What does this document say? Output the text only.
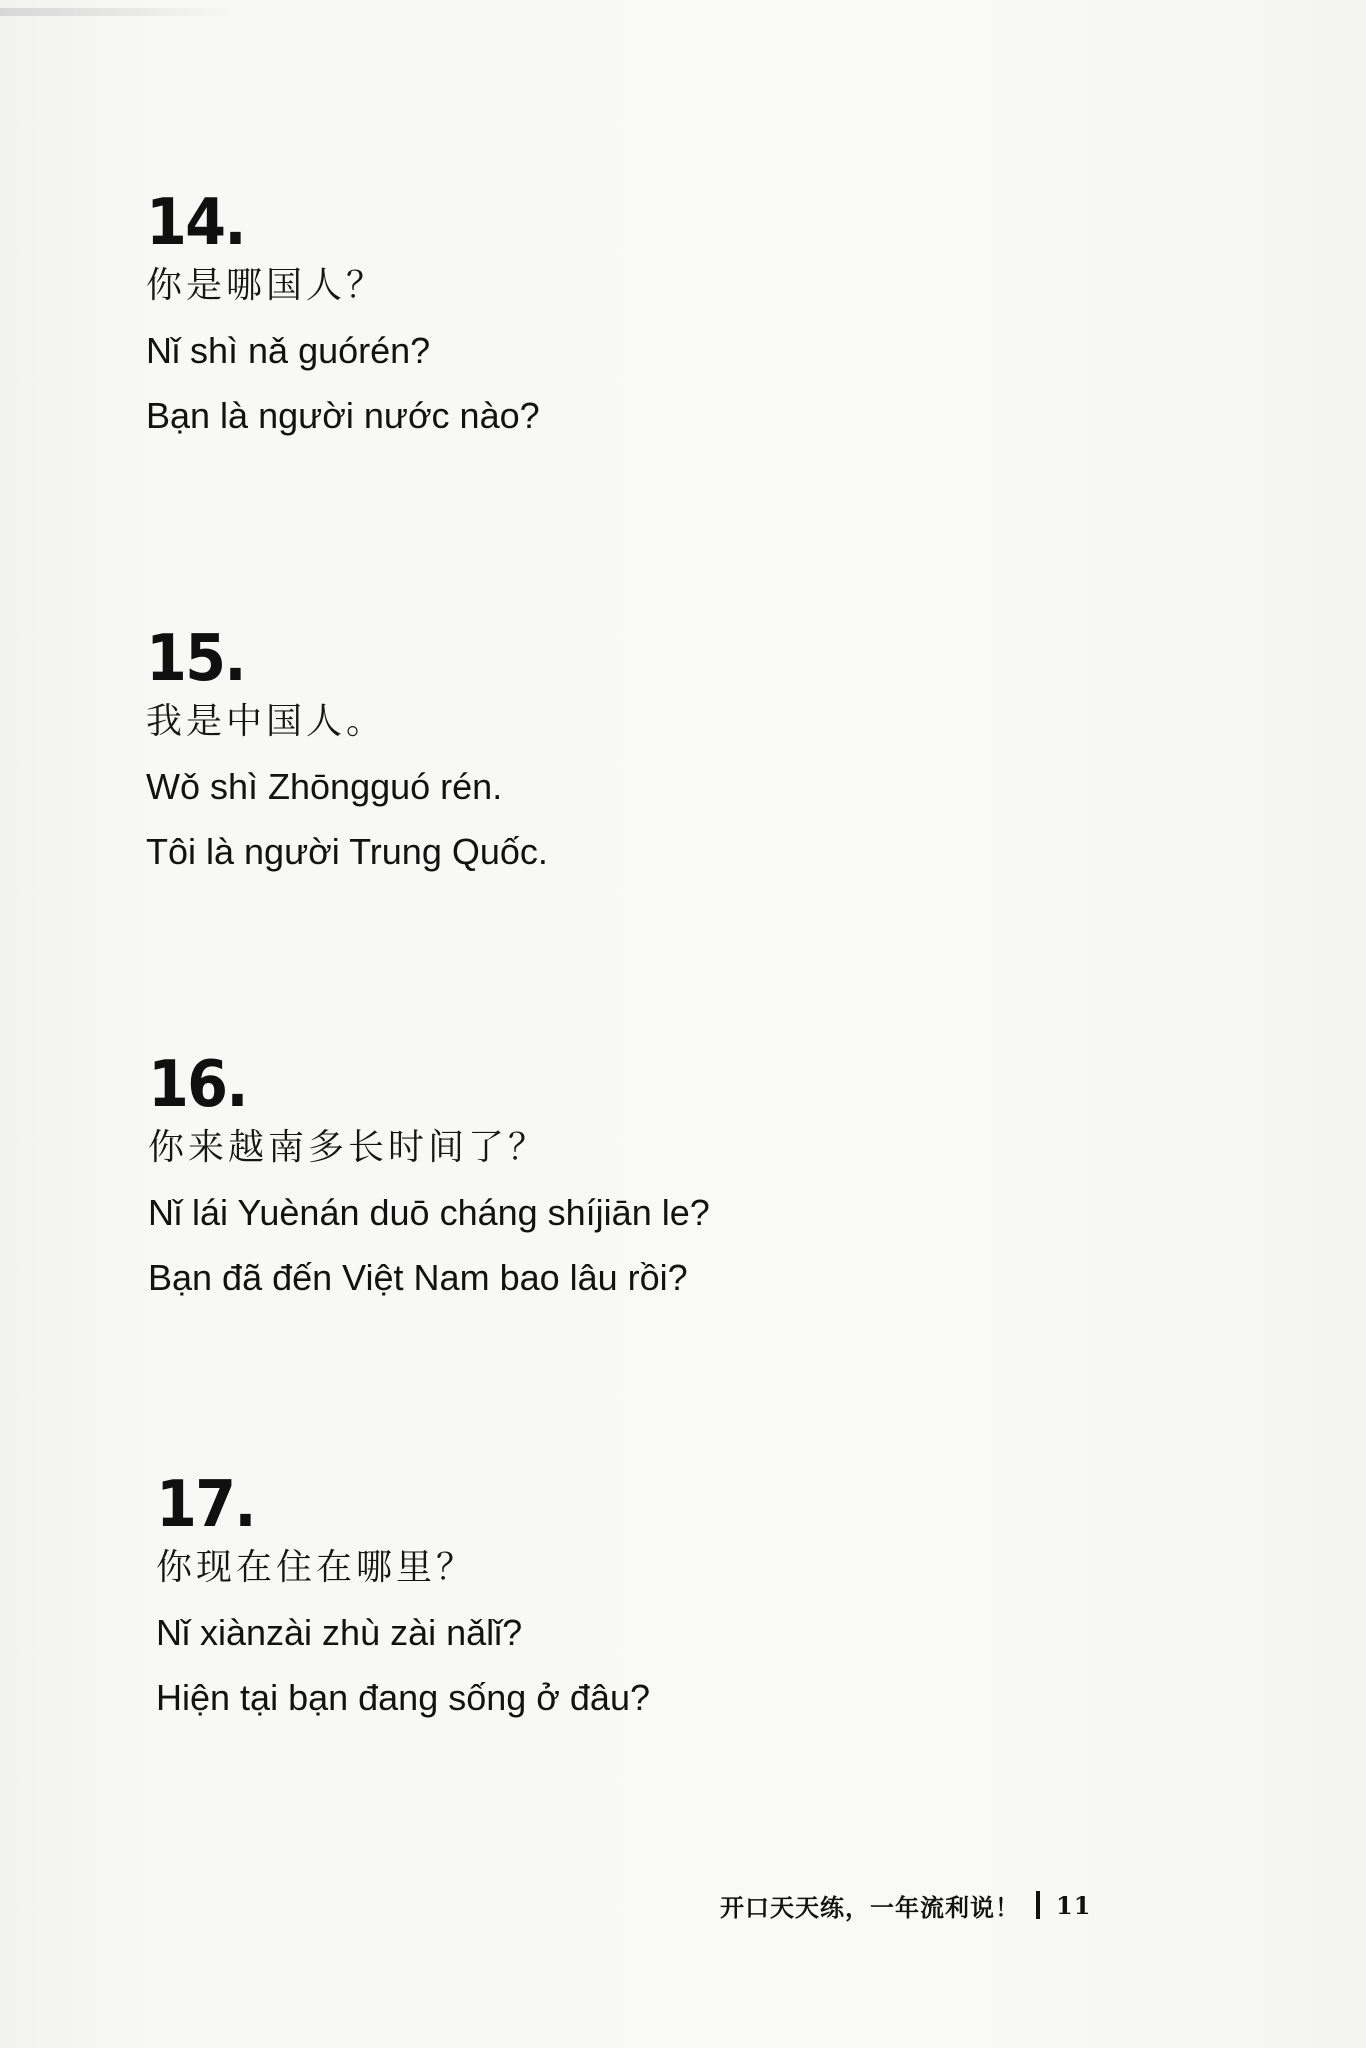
14.
你是哪国人？
Nǐ shì nǎ guórén?
Bạn là người nước nào?
15.
我是中国人。
Wǒ shì Zhōngguó rén.
Tôi là người Trung Quốc.
16.
你来越南多长时间了？
Nǐ lái Yuènán duō cháng shíjiān le?
Bạn đã đến Việt Nam bao lâu rồi?
17.
你现在住在哪里？
Nǐ xiànzài zhù zài nǎlǐ?
Hiện tại bạn đang sống ở đâu?
开口天天练，一年流利说！ 11
